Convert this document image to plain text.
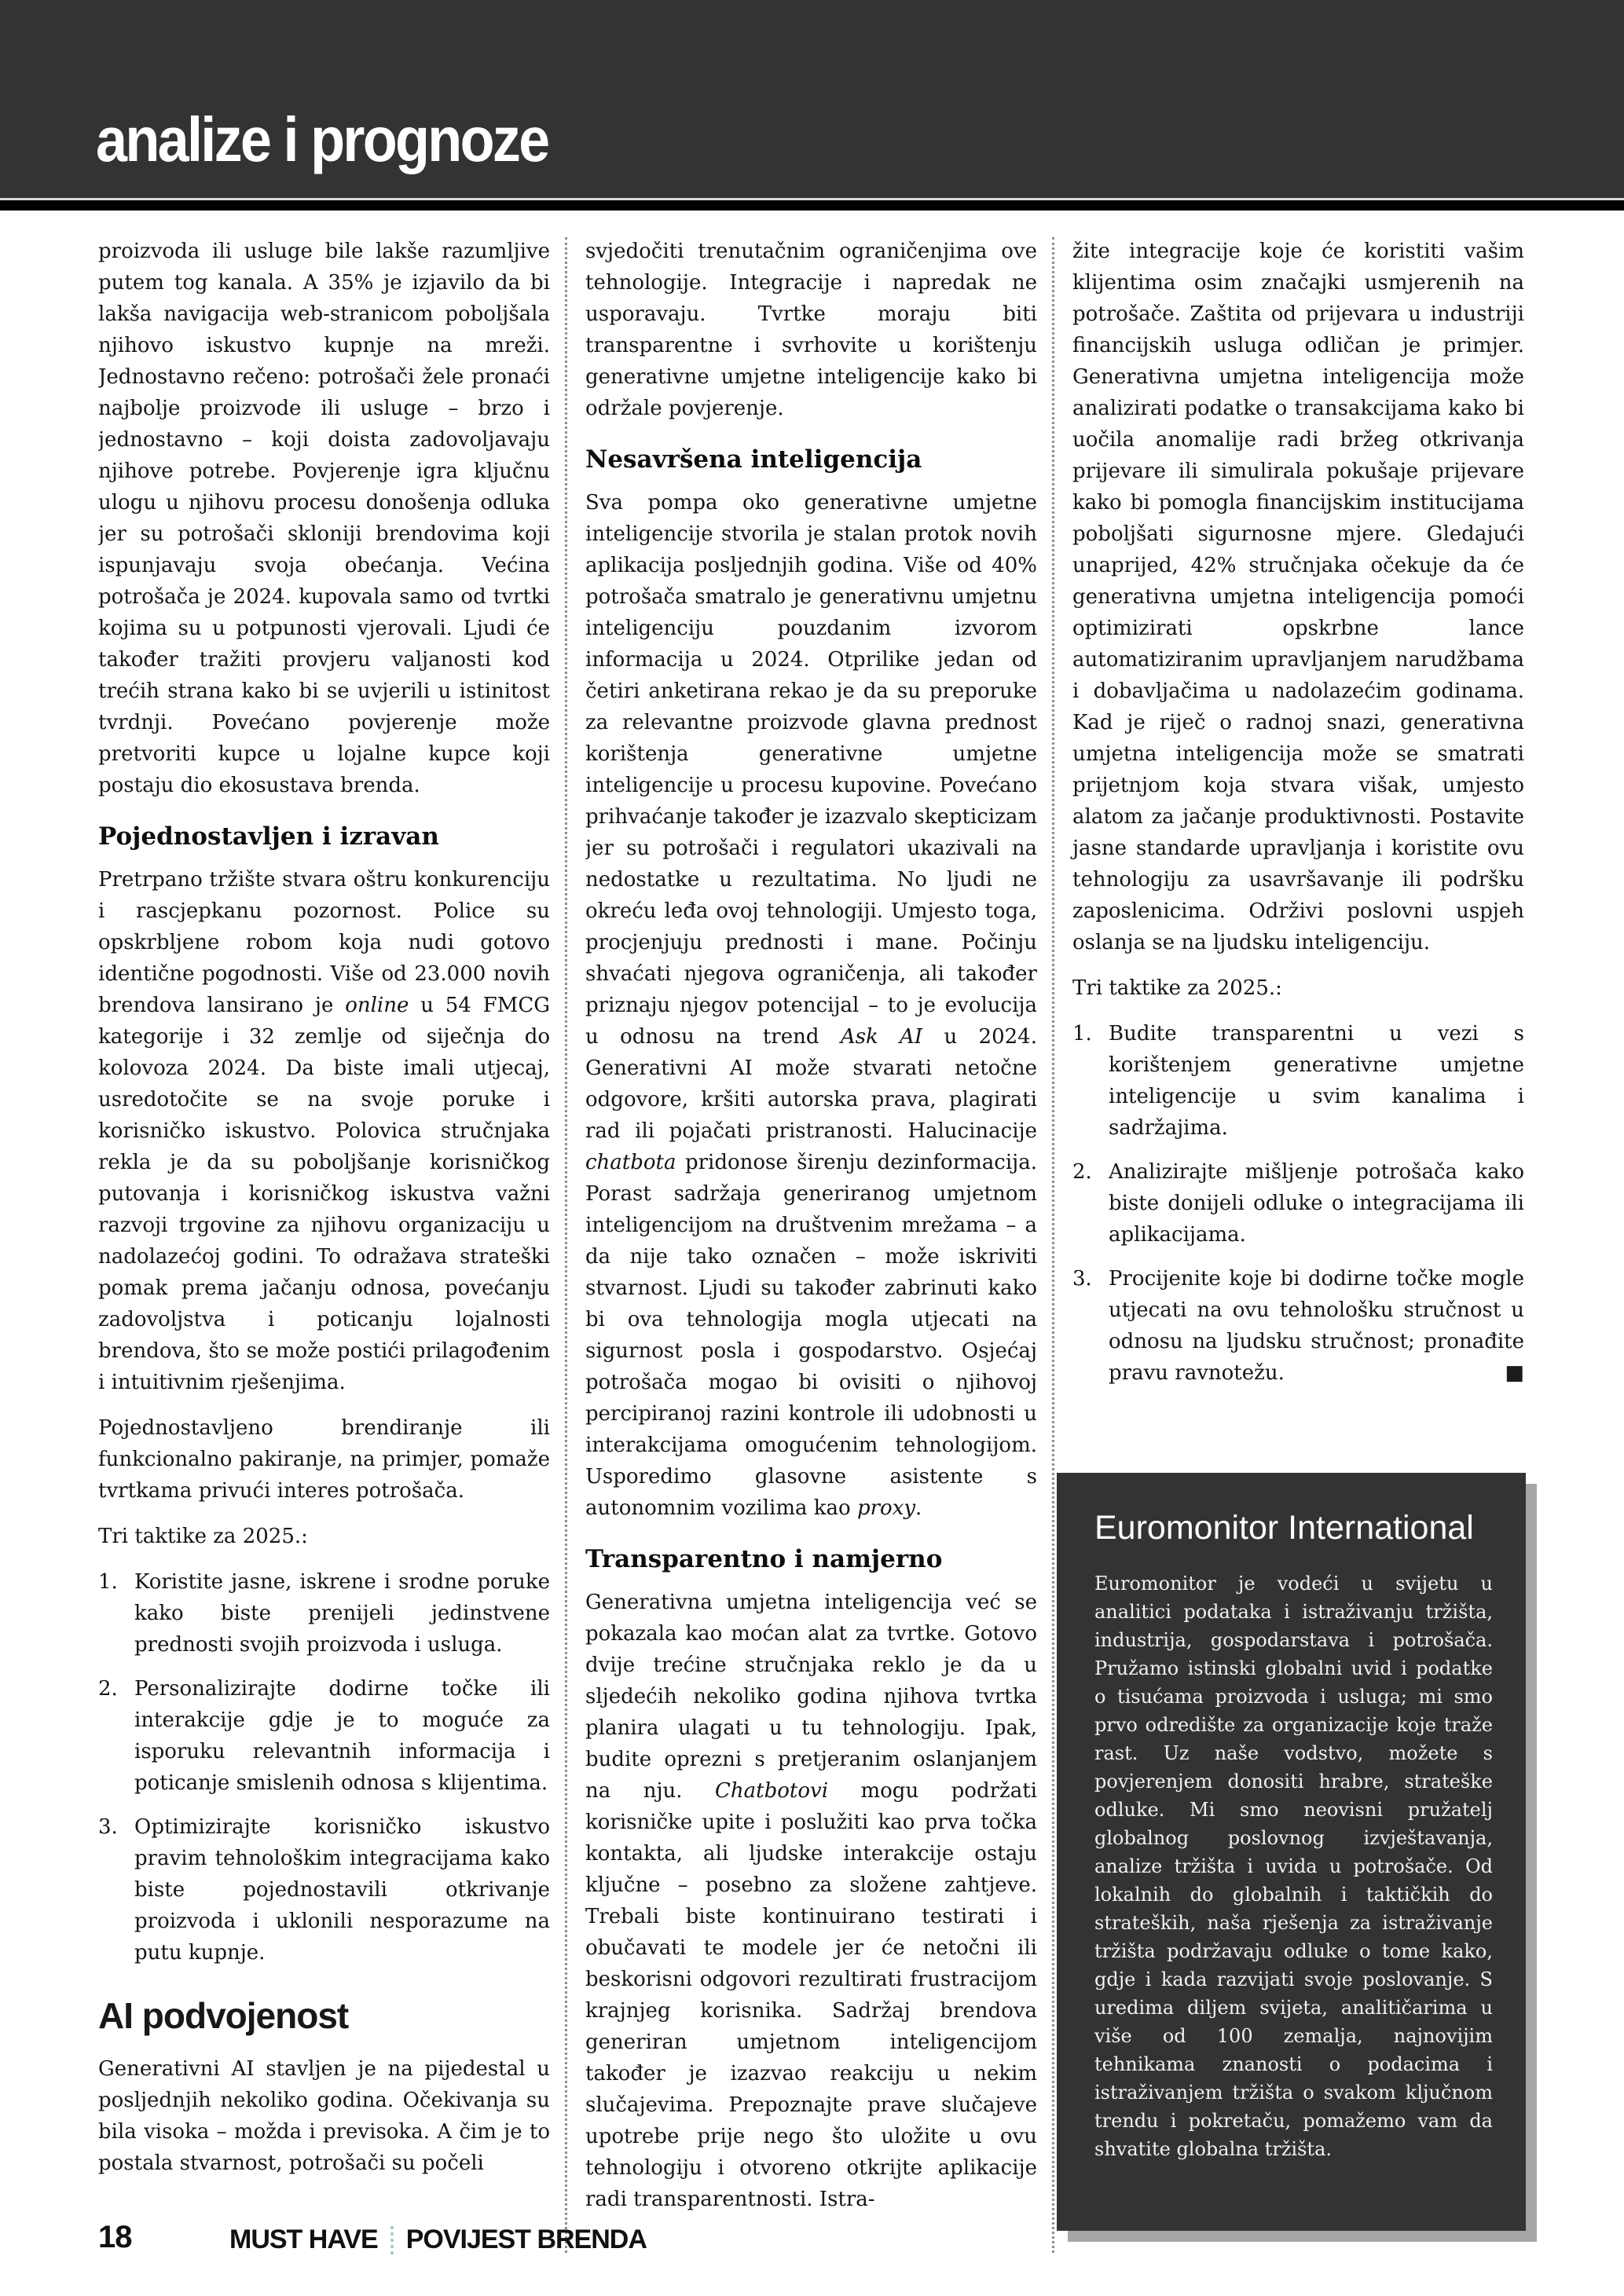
analize i prognoze

proizvoda ili usluge bile lakše razumljive putem tog kanala. A 35% je izjavilo da bi lakša navigacija web-stranicom poboljšala njihovo iskustvo kupnje na mreži. Jednostavno rečeno: potrošači žele pronaći najbolje proizvode ili usluge – brzo i jednostavno – koji doista zadovoljavaju njihove potrebe. Povjerenje igra ključnu ulogu u njihovu procesu donošenja odluka jer su potrošači skloniji brendovima koji ispunjavaju svoja obećanja. Većina potrošača je 2024. kupovala samo od tvrtki kojima su u potpunosti vjerovali. Ljudi će također tražiti provjeru valjanosti kod trećih strana kako bi se uvjerili u istinitost tvrdnji. Povećano povjerenje može pretvoriti kupce u lojalne kupce koji postaju dio ekosustava brenda.

Pojednostavljen i izravan

Pretrpano tržište stvara oštru konkurenciju i rascjepkanu pozornost. Police su opskrbljene robom koja nudi gotovo identične pogodnosti. Više od 23.000 novih brendova lansirano je online u 54 FMCG kategorije i 32 zemlje od siječnja do kolovoza 2024. Da biste imali utjecaj, usredotočite se na svoje poruke i korisničko iskustvo. Polovica stručnjaka rekla je da su poboljšanje korisničkog putovanja i korisničkog iskustva važni razvoji trgovine za njihovu organizaciju u nadolazećoj godini. To odražava strateški pomak prema jačanju odnosa, povećanju zadovoljstva i poticanju lojalnosti brendova, što se može postići prilagođenim i intuitivnim rješenjima.

Pojednostavljeno brendiranje ili funkcionalno pakiranje, na primjer, pomaže tvrtkama privući interes potrošača.

Tri taktike za 2025.:

1. Koristite jasne, iskrene i srodne poruke kako biste prenijeli jedinstvene prednosti svojih proizvoda i usluga.
2. Personalizirajte dodirne točke ili interakcije gdje je to moguće za isporuku relevantnih informacija i poticanje smislenih odnosa s klijentima.
3. Optimizirajte korisničko iskustvo pravim tehnološkim integracijama kako biste pojednostavili otkrivanje proizvoda i uklonili nesporazume na putu kupnje.
AI podvojenost

Generativni AI stavljen je na pijedestal u posljednjih nekoliko godina. Očekivanja su bila visoka – možda i previsoka. A čim je to postala stvarnost, potrošači su počeli

svjedočiti trenutačnim ograničenjima ove tehnologije. Integracije i napredak ne usporavaju. Tvrtke moraju biti transparentne i svrhovite u korištenju generativne umjetne inteligencije kako bi održale povjerenje.

Nesavršena inteligencija

Sva pompa oko generativne umjetne inteligencije stvorila je stalan protok novih aplikacija posljednjih godina. Više od 40% potrošača smatralo je generativnu umjetnu inteligenciju pouzdanim izvorom informacija u 2024. Otprilike jedan od četiri anketirana rekao je da su preporuke za relevantne proizvode glavna prednost korištenja generativne umjetne inteligencije u procesu kupovine. Povećano prihvaćanje također je izazvalo skepticizam jer su potrošači i regulatori ukazivali na nedostatke u rezultatima. No ljudi ne okreću leđa ovoj tehnologiji. Umjesto toga, procjenjuju prednosti i mane. Počinju shvaćati njegova ograničenja, ali također priznaju njegov potencijal – to je evolucija u odnosu na trend Ask AI u 2024. Generativni AI može stvarati netočne odgovore, kršiti autorska prava, plagirati rad ili pojačati pristranosti. Halucinacije chatbota pridonose širenju dezinformacija. Porast sadržaja generiranog umjetnom inteligencijom na društvenim mrežama – a da nije tako označen – može iskriviti stvarnost. Ljudi su također zabrinuti kako bi ova tehnologija mogla utjecati na sigurnost posla i gospodarstvo. Osjećaj potrošača mogao bi ovisiti o njihovoj percipiranoj razini kontrole ili udobnosti u interakcijama omogućenim tehnologijom. Usporedimo glasovne asistente s autonomnim vozilima kao proxy.

Transparentno i namjerno

Generativna umjetna inteligencija već se pokazala kao moćan alat za tvrtke. Gotovo dvije trećine stručnjaka reklo je da u sljedećih nekoliko godina njihova tvrtka planira ulagati u tu tehnologiju. Ipak, budite oprezni s pretjeranim oslanjanjem na nju. Chatbotovi mogu podržati korisničke upite i poslužiti kao prva točka kontakta, ali ljudske interakcije ostaju ključne – posebno za složene zahtjeve. Trebali biste kontinuirano testirati i obučavati te modele jer će netočni ili beskorisni odgovori rezultirati frustracijom krajnjeg korisnika. Sadržaj brendova generiran umjetnom inteligencijom također je izazvao reakciju u nekim slučajevima. Prepoznajte prave slučajeve upotrebe prije nego što uložite u ovu tehnologiju i otvoreno otkrijte aplikacije radi transparentnosti. Istra-

žite integracije koje će koristiti vašim klijentima osim značajki usmjerenih na potrošače. Zaštita od prijevara u industriji financijskih usluga odličan je primjer. Generativna umjetna inteligencija može analizirati podatke o transakcijama kako bi uočila anomalije radi bržeg otkrivanja prijevare ili simulirala pokušaje prijevare kako bi pomogla financijskim institucijama poboljšati sigurnosne mjere. Gledajući unaprijed, 42% stručnjaka očekuje da će generativna umjetna inteligencija pomoći optimizirati opskrbne lance automatiziranim upravljanjem narudžbama i dobavljačima u nadolazećim godinama. Kad je riječ o radnoj snazi, generativna umjetna inteligencija može se smatrati prijetnjom koja stvara višak, umjesto alatom za jačanje produktivnosti. Postavite jasne standarde upravljanja i koristite ovu tehnologiju za usavršavanje ili podršku zaposlenicima. Održivi poslovni uspjeh oslanja se na ljudsku inteligenciju.

Tri taktike za 2025.:

1. Budite transparentni u vezi s korištenjem generativne umjetne inteligencije u svim kanalima i sadržajima.
2. Analizirajte mišljenje potrošača kako biste donijeli odluke o integracijama ili aplikacijama.
3. Procijenite koje bi dodirne točke mogle utjecati na ovu tehnološku stručnost u odnosu na ljudsku stručnost; pronađite pravu ravnotežu.	■
Euromonitor International

Euromonitor je vodeći u svijetu u analitici podataka i istraživanju tržišta, industrija, gospodarstava i potrošača. Pružamo istinski globalni uvid i podatke o tisućama proizvoda i usluga; mi smo prvo odredište za organizacije koje traže rast. Uz naše vodstvo, možete s povjerenjem donositi hrabre, strateške odluke. Mi smo neovisni pružatelj globalnog poslovnog izvještavanja, analize tržišta i uvida u potrošače. Od lokalnih do globalnih i taktičkih do strateških, naša rješenja za istraživanje tržišta podržavaju odluke o tome kako, gdje i kada razvijati svoje poslovanje. S uredima diljem svijeta, analitičarima u više od 100 zemalja, najnovijim tehnikama znanosti o podacima i istraživanjem tržišta o svakom ključnom trendu i pokretaču, pomažemo vam da shvatite globalna tržišta.

18	MUST HAVE POVIJEST BRENDA
